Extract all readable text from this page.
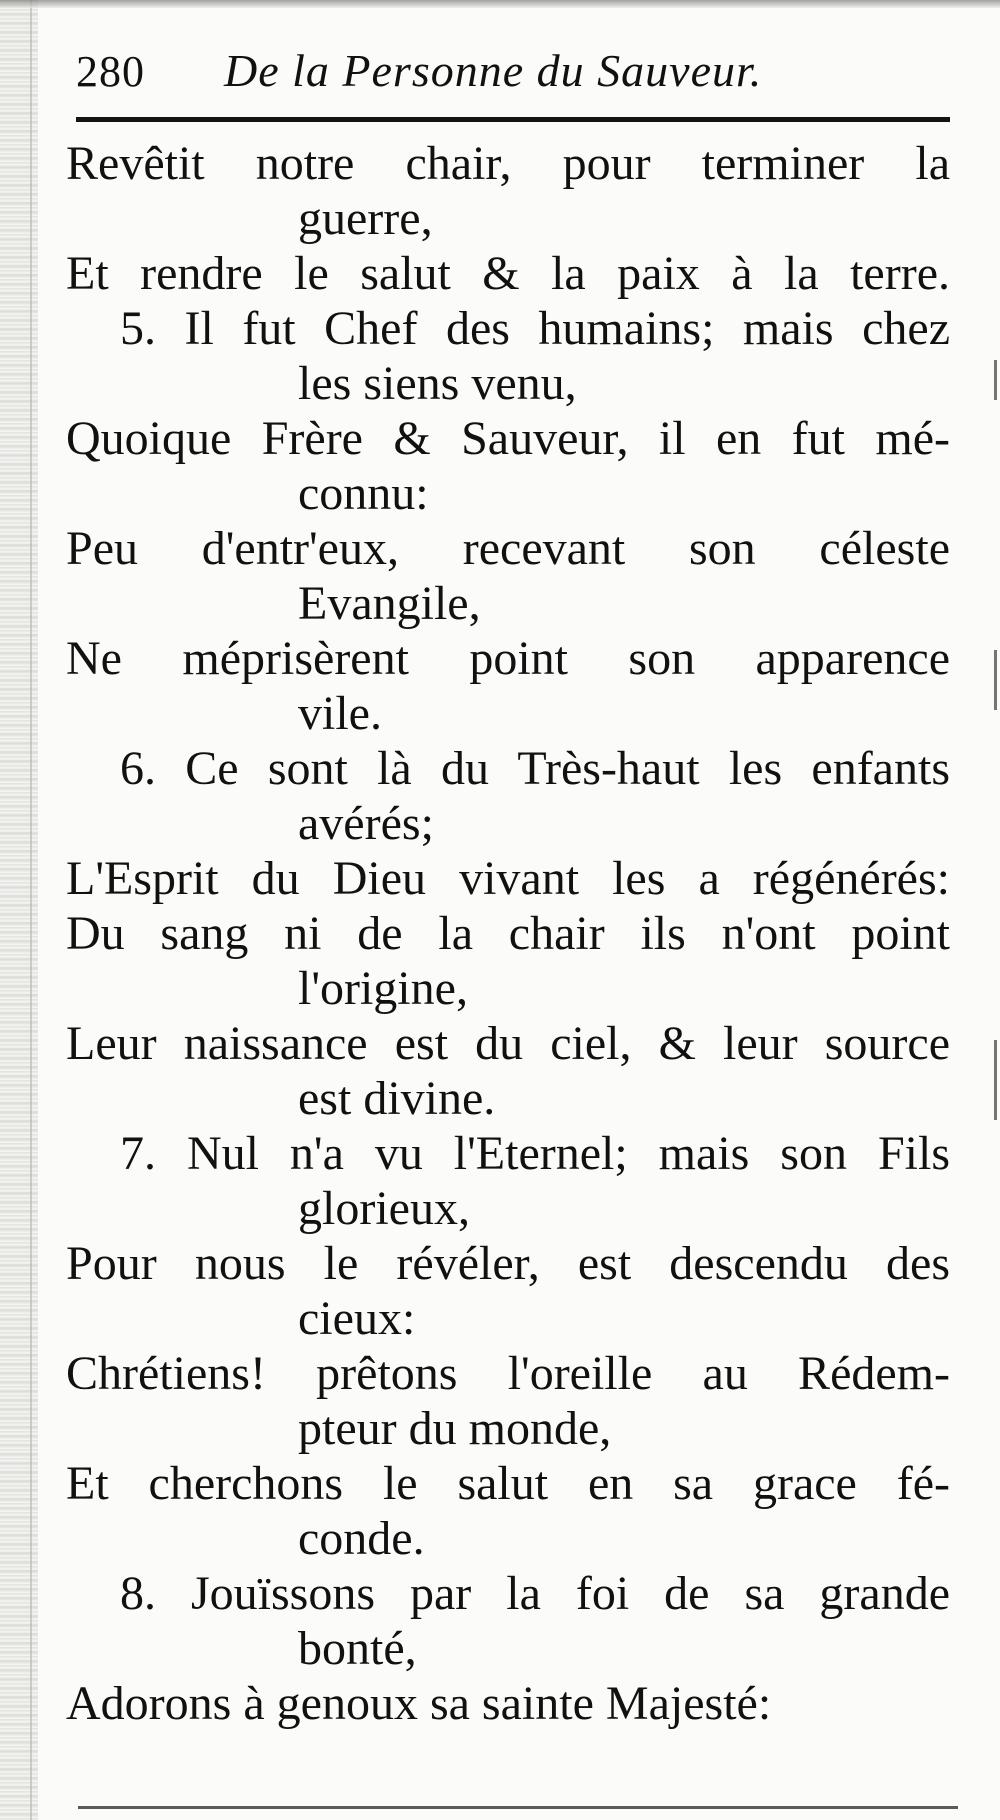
280 De la Personne du Sauveur.
Revêtit notre chair, pour terminer la
guerre,
Et rendre le salut & la paix à la terre.
5. Il fut Chef des humains; mais chez
les siens venu,
Quoique Frère & Sauveur, il en fut mé-
connu:
Peu d'entr'eux, recevant son céleste
Evangile,
Ne méprisèrent point son apparence
vile.
6. Ce sont là du Très-haut les enfants
avérés;
L'Esprit du Dieu vivant les a régénérés:
Du sang ni de la chair ils n'ont point
l'origine,
Leur naissance est du ciel, & leur source
est divine.
7. Nul n'a vu l'Eternel; mais son Fils
glorieux,
Pour nous le révéler, est descendu des
cieux:
Chrétiens! prêtons l'oreille au Rédem-
pteur du monde,
Et cherchons le salut en sa grace fé-
conde.
8. Jouïssons par la foi de sa grande
bonté,
Adorons à genoux sa sainte Majesté:
